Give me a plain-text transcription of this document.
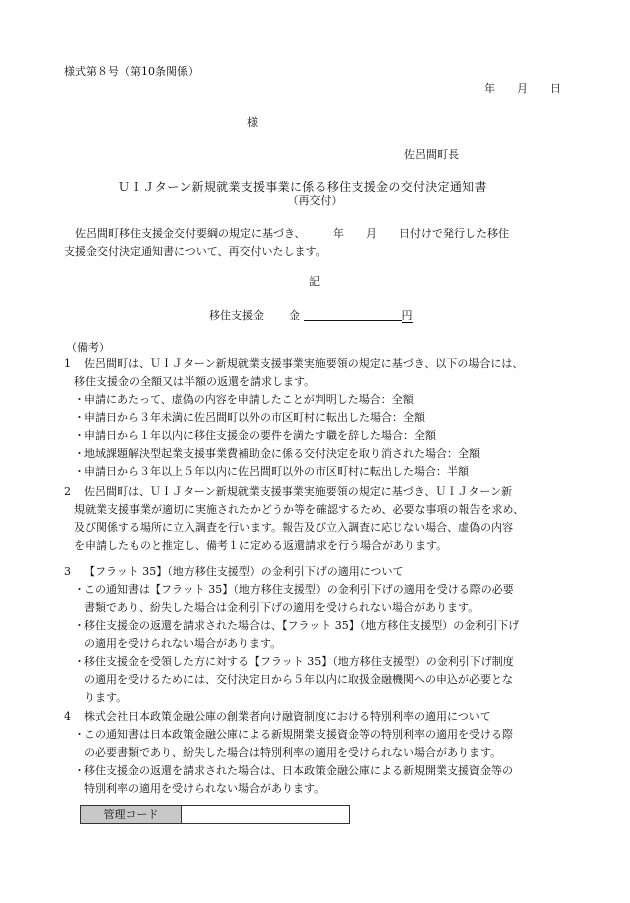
様式第８号（第10条関係）
年　　月　　日
様
佐呂間町長
ＵＩＪターン新規就業支援事業に係る移住支援金の交付決定通知書
（再交付）
佐呂間町移住支援金交付要綱の規定に基づき、　　　年　　月　　日付けで発行した移住
支援金交付決定通知書について、再交付いたします。
記
移住支援金 金	円
（備考）
1 佐呂間町は、ＵＩＪターン新規就業支援事業実施要領の規定に基づき、以下の場合には、
移住支援金の全額又は半額の返還を請求します。
・ 申請にあたって、虚偽の内容を申請したことが判明した場合：全額
・ 申請日から３年未満に佐呂間町以外の市区町村に転出した場合：全額
・ 申請日から１年以内に移住支援金の要件を満たす職を辞した場合：全額
・ 地域課題解決型起業支援事業費補助金に係る交付決定を取り消された場合：全額
・ 申請日から３年以上５年以内に佐呂間町以外の市区町村に転出した場合：半額
2 佐呂間町は、ＵＩＪターン新規就業支援事業実施要領の規定に基づき、ＵＩＪターン新
規就業支援事業が適切に実施されたかどうか等を確認するため、必要な事項の報告を求め、
及び関係する場所に立入調査を行います。報告及び立入調査に応じない場合、虚偽の内容
を申請したものと推定し、備考１に定める返還請求を行う場合があります。
3 【フラット 35】（地方移住支援型）の金利引下げの適用について
・ この通知書は【フラット 35】（地方移住支援型）の金利引下げの適用を受ける際の必要
書類であり、紛失した場合は金利引下げの適用を受けられない場合があります。
・ 移住支援金の返還を請求された場合は、【フラット 35】（地方移住支援型）の金利引下げ
の適用を受けられない場合があります。
・ 移住支援金を受領した方に対する【フラット 35】（地方移住支援型）の金利引下げ制度
の適用を受けるためには、交付決定日から５年以内に取扱金融機関への申込が必要とな
ります。
4 株式会社日本政策金融公庫の創業者向け融資制度における特別利率の適用について
・ この通知書は日本政策金融公庫による新規開業支援資金等の特別利率の適用を受ける際
の必要書類であり、紛失した場合は特別利率の適用を受けられない場合があります。
・ 移住支援金の返還を請求された場合は、日本政策金融公庫による新規開業支援資金等の
特別利率の適用を受けられない場合があります。
管理コード
